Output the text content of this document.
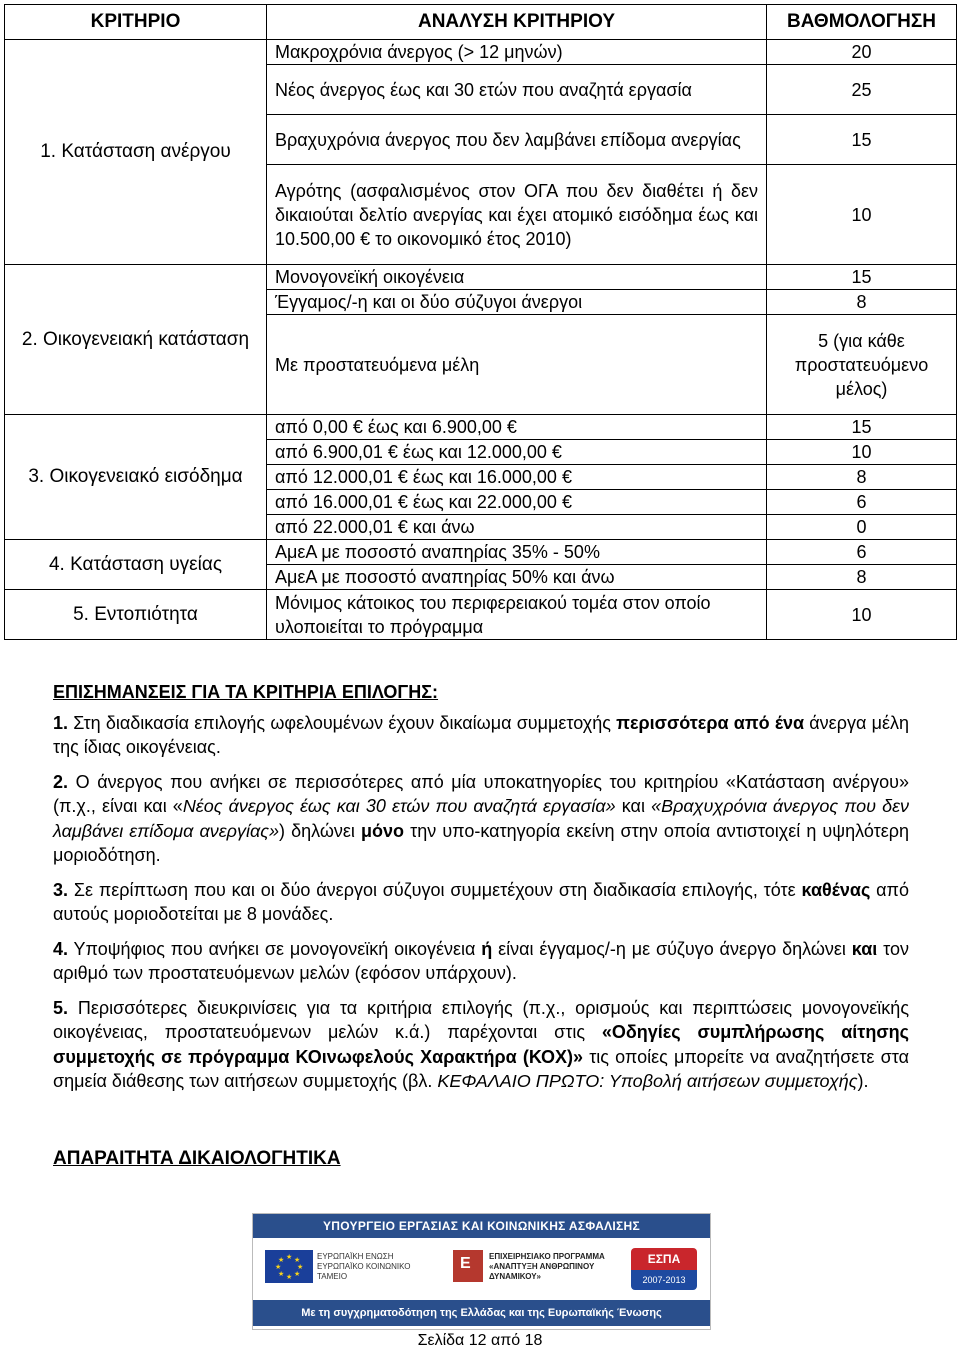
ΚΡΙΤΗΡΙΟ	ΑΝΑΛΥΣΗ ΚΡΙΤΗΡΙΟΥ	ΒΑΘΜΟΛΟΓΗΣΗ
1. Κατάσταση ανέργου	Μακροχρόνια άνεργος (> 12 μηνών)	20
	Νέος άνεργος έως και 30 ετών που αναζητά εργασία	25
	Βραχυχρόνια άνεργος που δεν λαμβάνει επίδομα ανεργίας	15
	Αγρότης (ασφαλισμένος στον ΟΓΑ που δεν διαθέτει ή δεν δικαιούται δελτίο ανεργίας και έχει ατομικό εισόδημα έως και 10.500,00 € το οικονομικό έτος 2010)	10
2. Οικογενειακή κατάσταση	Μονογονεϊκή οικογένεια	15
	Έγγαμος/-η και οι δύο σύζυγοι άνεργοι	8
	Με προστατευόμενα μέλη	5 (για κάθε προστατευόμενο μέλος)
3. Οικογενειακό εισόδημα	από 0,00 € έως και 6.900,00 €	15
	από 6.900,01 € έως και 12.000,00 €	10
	από 12.000,01 € έως και 16.000,00 €	8
	από 16.000,01 € έως και 22.000,00 €	6
	από 22.000,01 € και άνω	0
4. Κατάσταση υγείας	ΑμεΑ με ποσοστό αναπηρίας 35% - 50%	6
	ΑμεΑ με ποσοστό αναπηρίας 50% και άνω	8
5. Εντοπιότητα	Μόνιμος κάτοικος του περιφερειακού τομέα στον οποίο υλοποιείται το πρόγραμμα	10
ΕΠΙΣΗΜΑΝΣΕΙΣ ΓΙΑ ΤΑ ΚΡΙΤΗΡΙΑ ΕΠΙΛΟΓΗΣ:

1. Στη διαδικασία επιλογής ωφελουμένων έχουν δικαίωμα συμμετοχής περισσότερα από ένα άνεργα μέλη της ίδιας οικογένειας.

2. Ο άνεργος που ανήκει σε περισσότερες από μία υποκατηγορίες του κριτηρίου «Κατάσταση ανέργου» (π.χ., είναι και «Νέος άνεργος έως και 30 ετών που αναζητά εργασία» και «Βραχυχρόνια άνεργος που δεν λαμβάνει επίδομα ανεργίας») δηλώνει μόνο την υπο-κατηγορία εκείνη στην οποία αντιστοιχεί η υψηλότερη μοριοδότηση.

3. Σε περίπτωση που και οι δύο άνεργοι σύζυγοι συμμετέχουν στη διαδικασία επιλογής, τότε καθένας από αυτούς μοριοδοτείται με 8 μονάδες.

4. Υποψήφιος που ανήκει σε μονογονεϊκή οικογένεια ή είναι έγγαμος/-η με σύζυγο άνεργο δηλώνει και τον αριθμό των προστατευόμενων μελών (εφόσον υπάρχουν).

5. Περισσότερες διευκρινίσεις για τα κριτήρια επιλογής (π.χ., ορισμούς και περιπτώσεις μονογονεϊκής οικογένειας, προστατευόμενων μελών κ.ά.) παρέχονται στις «Οδηγίες συμπλήρωσης αίτησης συμμετοχής σε πρόγραμμα ΚΟινωφελούς Χαρακτήρα (ΚΟΧ)» τις οποίες μπορείτε να αναζητήσετε στα σημεία διάθεσης των αιτήσεων συμμετοχής (βλ. ΚΕΦΑΛΑΙΟ ΠΡΩΤΟ: Υποβολή αιτήσεων συμμετοχής).

ΑΠΑΡΑΙΤΗΤΑ ΔΙΚΑΙΟΛΟΓΗΤΙΚΑ
ΥΠΟΥΡΓΕΙΟ ΕΡΓΑΣΙΑΣ ΚΑΙ ΚΟΙΝΩΝΙΚΗΣ ΑΣΦΑΛΙΣΗΣ
★ ★
★
★
★
★
★
★	ΕΥΡΩΠΑΪΚΗ ΕΝΩΣΗ ΕΥΡΩΠΑΪΚΟ ΚΟΙΝΩΝΙΚΟ ΤΑΜΕΙΟ
Ε ΕΠΙΧΕΙΡΗΣΙΑΚΟ ΠΡΟΓΡΑΜΜΑ «ΑΝΑΠΤΥΞΗ ΑΝΘΡΩΠΙΝΟΥ ΔΥΝΑΜΙΚΟΥ»
ΕΣΠΑ
2007-2013
Με τη συγχρηματοδότηση της Ελλάδας και της Ευρωπαϊκής Ένωσης
Σελίδα 12 από 18
